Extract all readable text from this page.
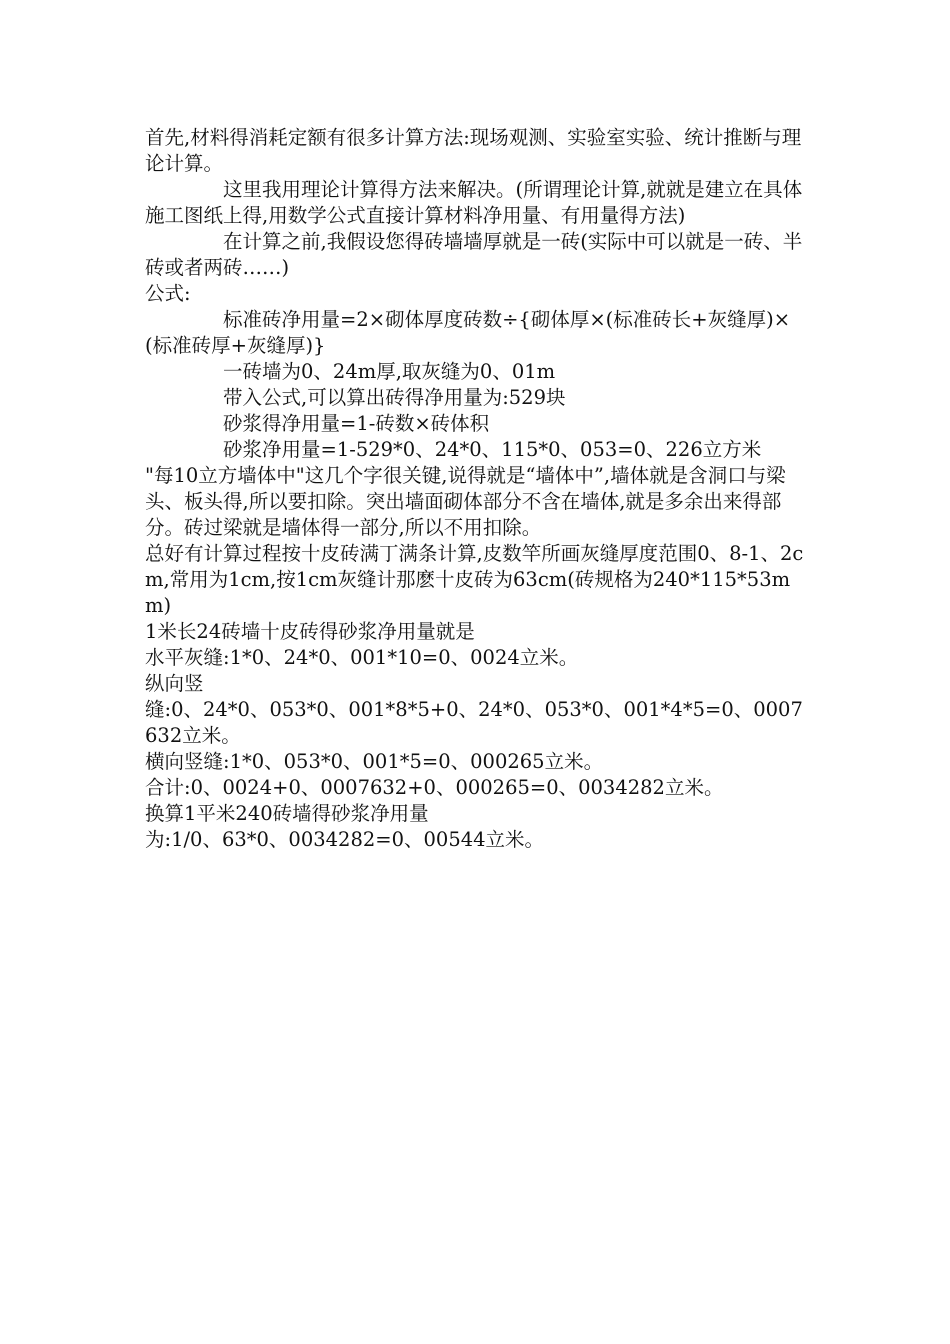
首先,材料得消耗定额有很多计算方法:现场观测、实验室实验、统计推断与理论计算。

这里我用理论计算得方法来解决。(所谓理论计算,就就是建立在具体施工图纸上得,用数学公式直接计算材料净用量、有用量得方法)

在计算之前,我假设您得砖墙墙厚就是一砖(实际中可以就是一砖、半砖或者两砖……)

公式:

标准砖净用量=2×砌体厚度砖数÷{砌体厚×(标准砖长+灰缝厚)×(标准砖厚+灰缝厚)}

一砖墙为0、24m厚,取灰缝为0、01m

带入公式,可以算出砖得净用量为:529块

砂浆得净用量=1-砖数×砖体积

砂浆净用量=1-529*0、24*0、115*0、053=0、226立方米

"每10立方墙体中"这几个字很关键,说得就是“墙体中”,墙体就是含洞口与梁头、板头得,所以要扣除。突出墙面砌体部分不含在墙体,就是多余出来得部分。砖过梁就是墙体得一部分,所以不用扣除。

总好有计算过程按十皮砖满丁满条计算,皮数竿所画灰缝厚度范围0、8-1、2cm,常用为1cm,按1cm灰缝计那麽十皮砖为63cm(砖规格为240*115*53mm)

1米长24砖墙十皮砖得砂浆净用量就是

水平灰缝:1*0、24*0、001*10=0、0024立米。

纵向竖

缝:0、24*0、053*0、001*8*5+0、24*0、053*0、001*4*5=0、0007632立米。

横向竖缝:1*0、053*0、001*5=0、000265立米。

合计:0、0024+0、0007632+0、000265=0、0034282立米。

换算1平米240砖墙得砂浆净用量

为:1/0、63*0、0034282=0、00544立米。
